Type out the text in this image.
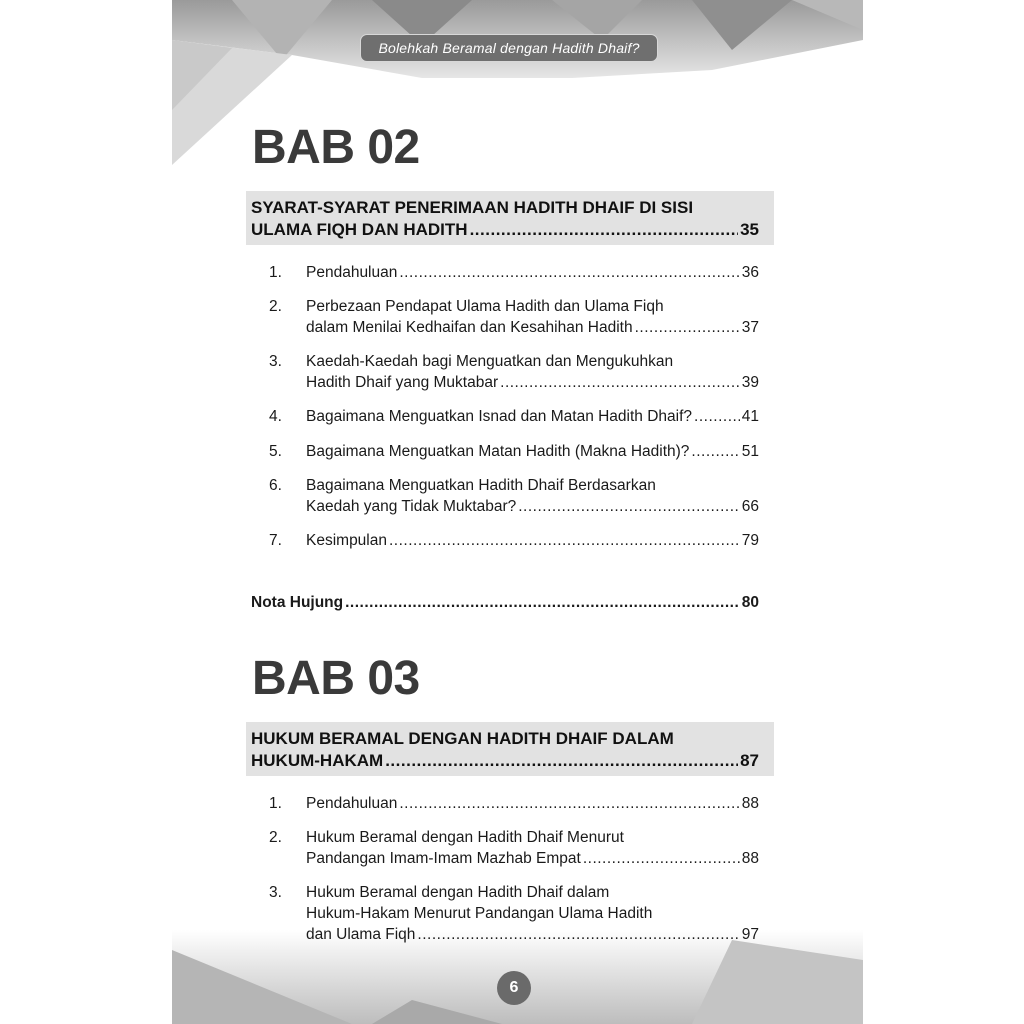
Bolehkah Beramal dengan Hadith Dhaif?
BAB 02
SYARAT-SYARAT PENERIMAAN HADITH DHAIF DI SISI
ULAMA FIQH DAN HADITH .....	35
1. Pendahuluan .....	36
2. Perbezaan Pendapat Ulama Hadith dan Ulama Fiqh
dalam Menilai Kedhaifan dan Kesahihan Hadith .....	37
3. Kaedah-Kaedah bagi Menguatkan dan Mengukuhkan
Hadith Dhaif yang Muktabar .....	39
4. Bagaimana Menguatkan Isnad dan Matan Hadith Dhaif? .....	41
5. Bagaimana Menguatkan Matan Hadith (Makna Hadith)? .....	51
6. Bagaimana Menguatkan Hadith Dhaif Berdasarkan
Kaedah yang Tidak Muktabar? .....	66
7. Kesimpulan .....	79
Nota Hujung .....	80
BAB 03
HUKUM BERAMAL DENGAN HADITH DHAIF DALAM
HUKUM-HAKAM .....	87
1. Pendahuluan .....	88
2. Hukum Beramal dengan Hadith Dhaif Menurut
Pandangan Imam-Imam Mazhab Empat .....	88
3. Hukum Beramal dengan Hadith Dhaif dalam
Hukum-Hakam Menurut Pandangan Ulama Hadith
dan Ulama Fiqh .....	97
6
